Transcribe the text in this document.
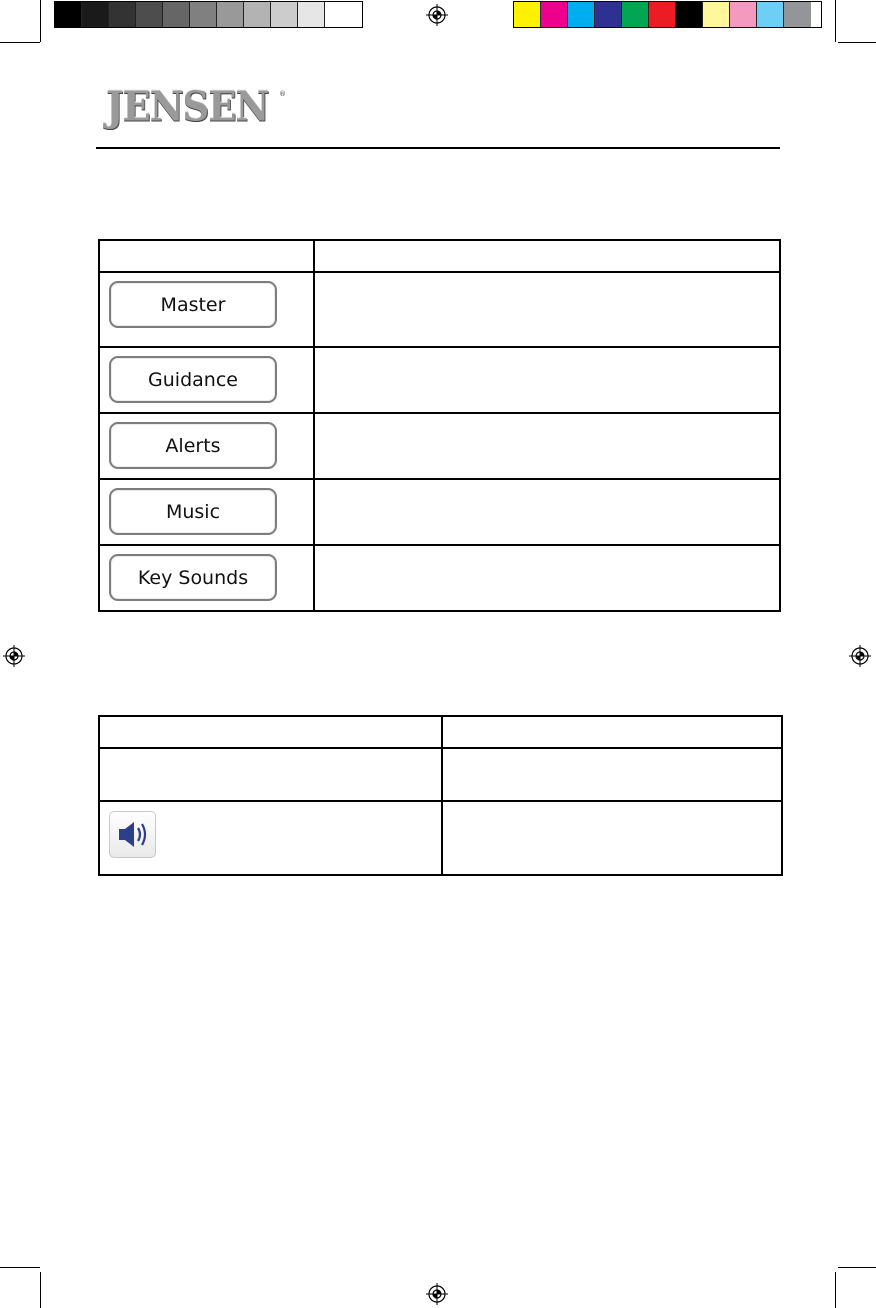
JENSEN ®
Master
Guidance
Alerts
Music
Key Sounds
